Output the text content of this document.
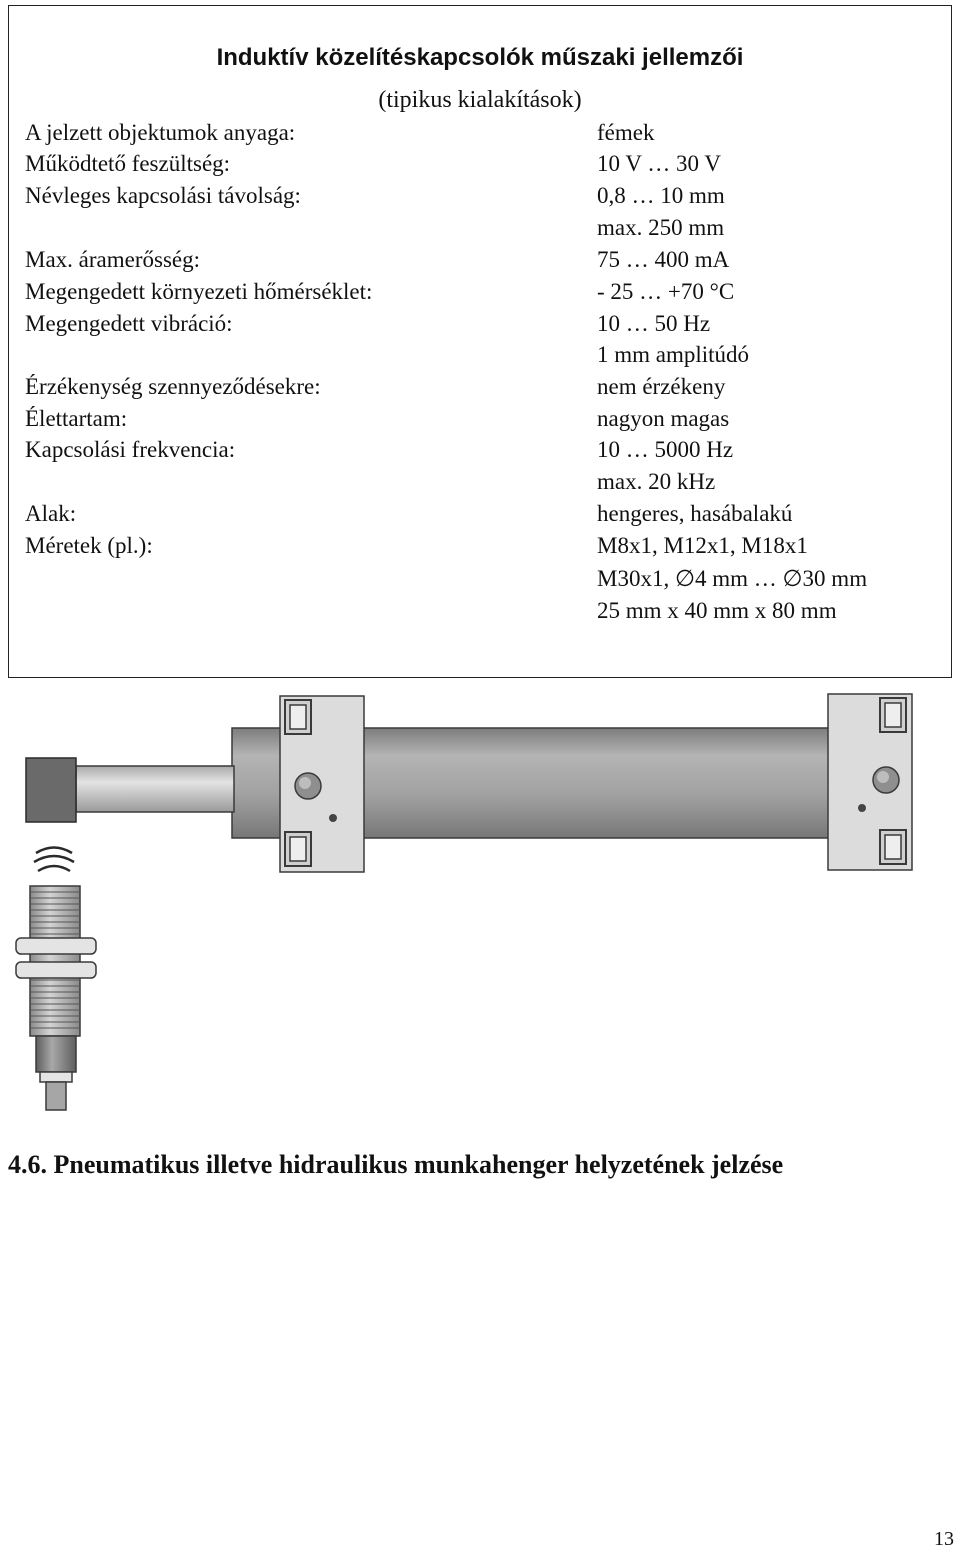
Induktív közelítéskapcsolók műszaki jellemzői
(tipikus kialakítások)
A jelzett objektumok anyaga:	fémek
Működtető feszültség:	10 V … 30 V
Névleges kapcsolási távolság:	0,8 … 10 mm
max. 250 mm
Max. áramerősség:	75 … 400 mA
Megengedett környezeti hőmérséklet:	- 25 … +70 °C
Megengedett vibráció:	10 … 50 Hz
1 mm amplitúdó
Érzékenység szennyeződésekre:	nem érzékeny
Élettartam:	nagyon magas
Kapcsolási frekvencia:	10 … 5000 Hz
max. 20 kHz
Alak:	hengeres, hasábalakú
Méretek (pl.):	M8x1, M12x1, M18x1
M30x1, ∅4 mm … ∅30 mm
25 mm x 40 mm x 80 mm
4.6. Pneumatikus illetve hidraulikus munkahenger helyzetének jelzése
13
